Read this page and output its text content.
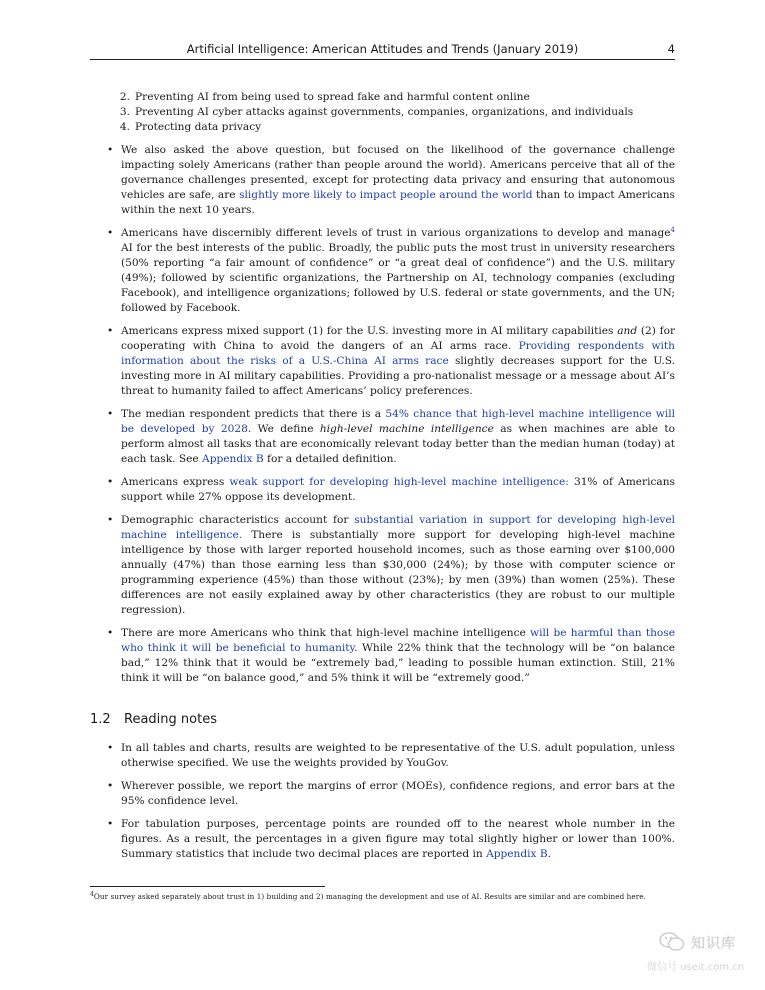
Artificial Intelligence: American Attitudes and Trends (January 2019)	4
2. Preventing AI from being used to spread fake and harmful content online
3. Preventing AI cyber attacks against governments, companies, organizations, and individuals
4. Protecting data privacy
• We also asked the above question, but focused on the likelihood of the governance challenge impacting solely Americans (rather than people around the world). Americans perceive that all of the governance challenges presented, except for protecting data privacy and ensuring that autonomous vehicles are safe, are slightly more likely to impact people around the world than to impact Americans within the next 10 years.
• Americans have discernibly different levels of trust in various organizations to develop and manage$^4$ AI for the best interests of the public. Broadly, the public puts the most trust in university researchers (50% reporting “a fair amount of confidence” or “a great deal of confidence”) and the U.S. military (49%); followed by scientific organizations, the Partnership on AI, technology companies (excluding Facebook), and intelligence organizations; followed by U.S. federal or state governments, and the UN; followed by Facebook.
• Americans express mixed support (1) for the U.S. investing more in AI military capabilities and (2) for cooperating with China to avoid the dangers of an AI arms race. Providing respondents with information about the risks of a U.S.-China AI arms race slightly decreases support for the U.S. investing more in AI military capabilities. Providing a pro-nationalist message or a message about AI’s threat to humanity failed to affect Americans’ policy preferences.
• The median respondent predicts that there is a 54% chance that high-level machine intelligence will be developed by 2028. We define high-level machine intelligence as when machines are able to perform almost all tasks that are economically relevant today better than the median human (today) at each task. See Appendix B for a detailed definition.
• Americans express weak support for developing high-level machine intelligence: 31% of Americans support while 27% oppose its development.
• Demographic characteristics account for substantial variation in support for developing high-level machine intelligence. There is substantially more support for developing high-level machine intelligence by those with larger reported household incomes, such as those earning over $100,000 annually (47%) than those earning less than $30,000 (24%); by those with computer science or programming experience (45%) than those without (23%); by men (39%) than women (25%). These differences are not easily explained away by other characteristics (they are robust to our multiple regression).
• There are more Americans who think that high-level machine intelligence will be harmful than those who think it will be beneficial to humanity. While 22% think that the technology will be “on balance bad,” 12% think that it would be “extremely bad,” leading to possible human extinction. Still, 21% think it will be “on balance good,” and 5% think it will be “extremely good.”
1.2 Reading notes
• In all tables and charts, results are weighted to be representative of the U.S. adult population, unless otherwise specified. We use the weights provided by YouGov.
• Wherever possible, we report the margins of error (MOEs), confidence regions, and error bars at the 95% confidence level.
• For tabulation purposes, percentage points are rounded off to the nearest whole number in the figures. As a result, the percentages in a given figure may total slightly higher or lower than 100%. Summary statistics that include two decimal places are reported in Appendix B.
$^4$Our survey asked separately about trust in 1) building and 2) managing the development and use of AI. Results are similar and are combined here.
知识库
微信号 useit.com.cn
